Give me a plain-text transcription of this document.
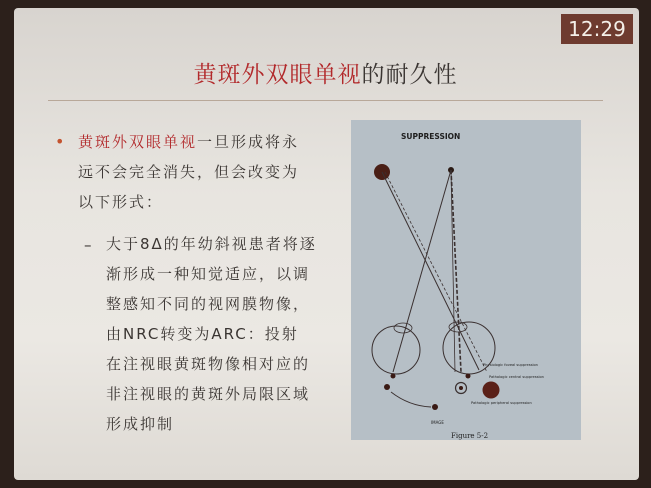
12:29
黄斑外双眼单视的耐久性
• 黄斑外双眼单视一旦形成将永
远不会完全消失，但会改变为
以下形式：
– 大于8Δ的年幼斜视患者将逐
渐形成一种知觉适应，以调
整感知不同的视网膜物像，
由NRC转变为ARC：投射
在注视眼黄斑物像相对应的
非注视眼的黄斑外局限区域
形成抑制
SUPPRESSION
Physiologic foveal suppression
Pathologic central suppression
Pathologic peripheral suppression
IMAGE
Figure 5-2
